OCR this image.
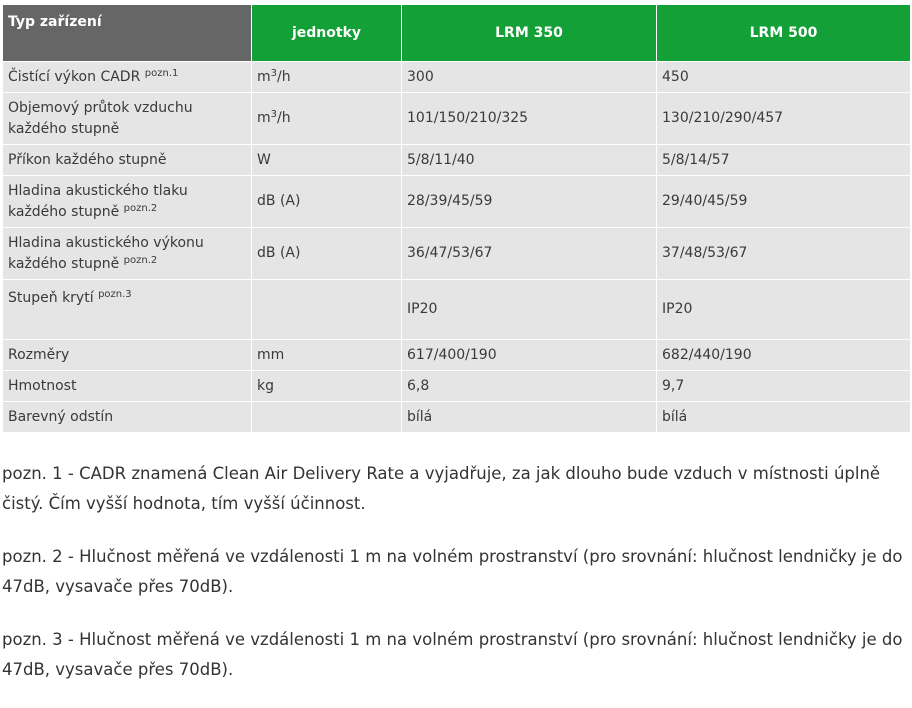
Typ zařízení	jednotky	LRM 350	LRM 500
Čistící výkon CADR $^{pozn.1}$	$m^3/h$	300	450
Objemový průtok vzduchu
každého stupně	$m^3/h$	101/150/210/325	130/210/290/457
Příkon každého stupně	W	5/8/11/40	5/8/14/57
Hladina akustického tlaku
každého stupně $^{pozn.2}$	dB (A)	28/39/45/59	29/40/45/59
Hladina akustického výkonu
každého stupně $^{pozn.2}$	dB (A)	36/47/53/67	37/48/53/67
Stupeň krytí $^{pozn.3}$		IP20	IP20
Rozměry	mm	617/400/190	682/440/190
Hmotnost	kg	6,8	9,7
Barevný odstín		bílá	bílá

pozn. 1 - CADR znamená Clean Air Delivery Rate a vyjadřuje, za jak dlouho bude vzduch v místnosti úplně čistý. Čím vyšší hodnota, tím vyšší účinnost.

pozn. 2 - Hlučnost měřená ve vzdálenosti 1 m na volném prostranství (pro srovnání: hlučnost lendničky je do 47dB, vysavače přes 70dB).

pozn. 3 - Hlučnost měřená ve vzdálenosti 1 m na volném prostranství (pro srovnání: hlučnost lendničky je do 47dB, vysavače přes 70dB).
